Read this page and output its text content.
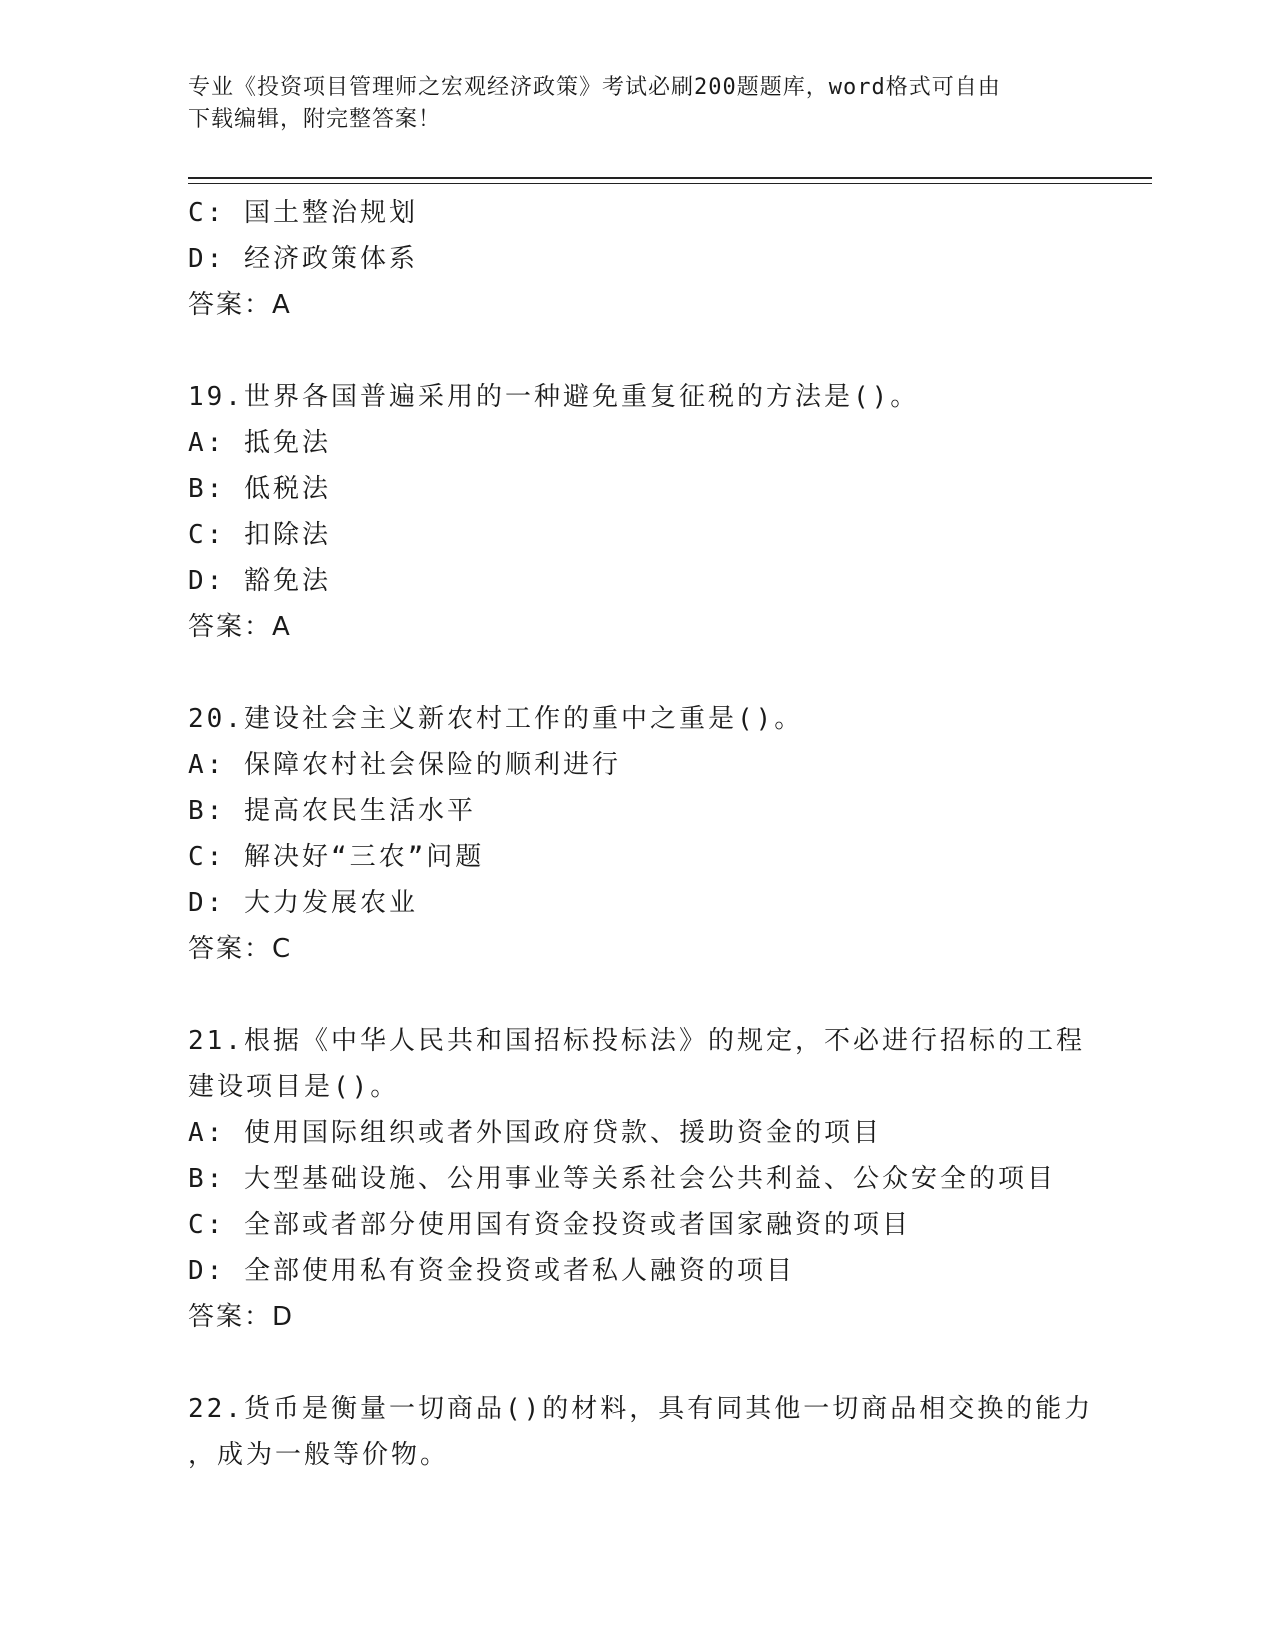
专业《投资项目管理师之宏观经济政策》考试必刷200题题库，word格式可自由
下载编辑，附完整答案！
C: 国土整治规划
D: 经济政策体系
答案：A
19.世界各国普遍采用的一种避免重复征税的方法是()。
A: 抵免法
B: 低税法
C: 扣除法
D: 豁免法
答案：A
20.建设社会主义新农村工作的重中之重是()。
A: 保障农村社会保险的顺利进行
B: 提高农民生活水平
C: 解决好“三农”问题
D: 大力发展农业
答案：C
21.根据《中华人民共和国招标投标法》的规定，不必进行招标的工程
建设项目是()。
A: 使用国际组织或者外国政府贷款、援助资金的项目
B: 大型基础设施、公用事业等关系社会公共利益、公众安全的项目
C: 全部或者部分使用国有资金投资或者国家融资的项目
D: 全部使用私有资金投资或者私人融资的项目
答案：D
22.货币是衡量一切商品()的材料，具有同其他一切商品相交换的能力
，成为一般等价物。
